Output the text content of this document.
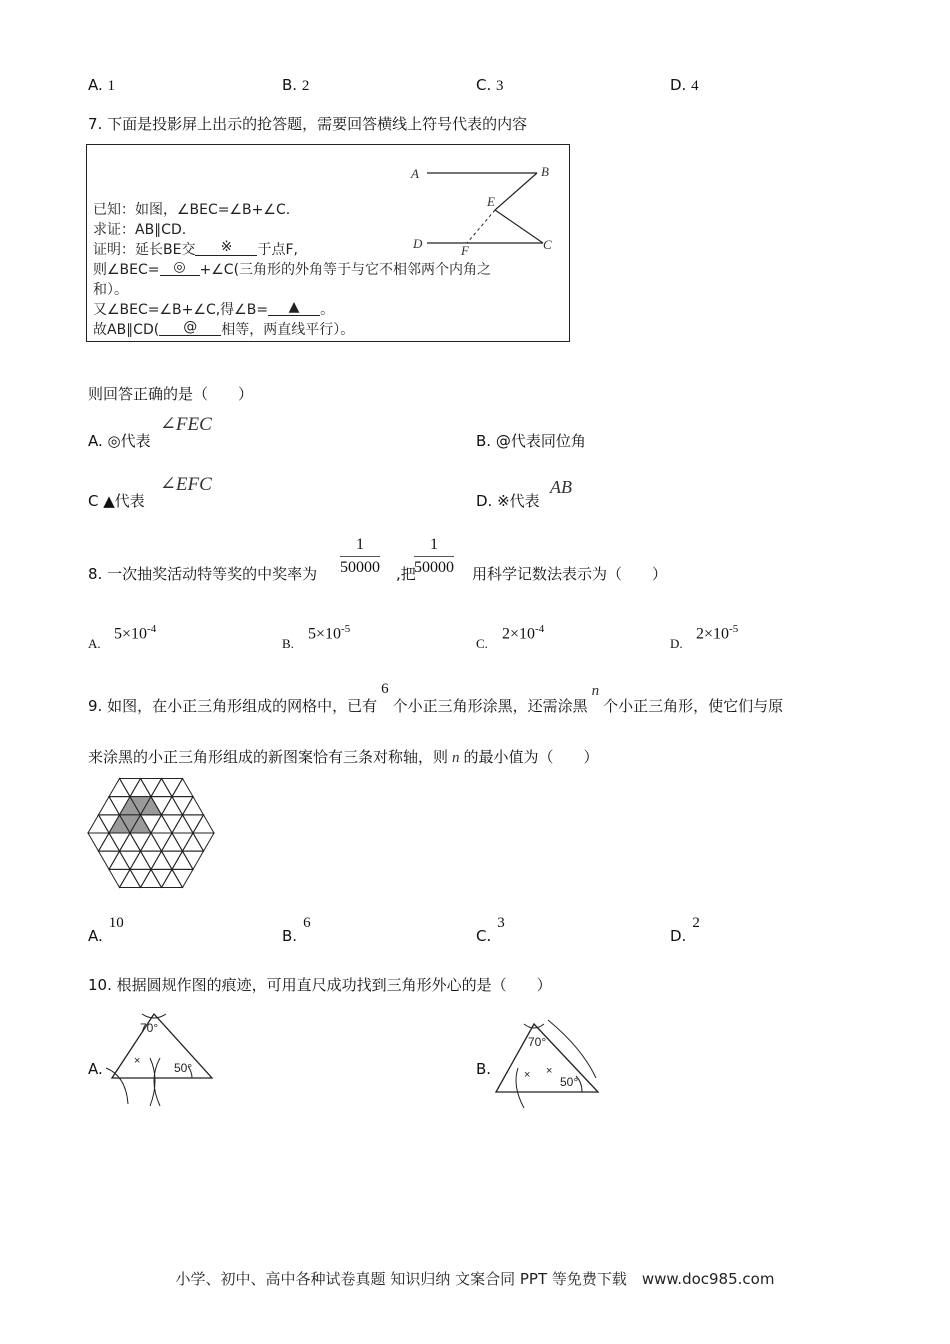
A. 1	B. 2	C. 3	D. 4
7. 下面是投影屏上出示的抢答题，需要回答横线上符号代表的内容
已知：如图，∠BEC=∠B+∠C.
求证：AB∥CD.
证明：延长BE交 ※ 于点F,
则∠BEC= ◎ +∠C(三角形的外角等于与它不相邻两个内角之
和）。
又∠BEC=∠B+∠C,得∠B= ▲ 。
故AB∥CD( @ 相等，两直线平行）。
A	B
E
D	F	C
则回答正确的是（　　）
A. ◎代表
∠FEC
B. @代表同位角
C ▲代表
∠EFC
D. ※代表
AB
8. 一次抽奖活动特等奖的中奖率为 $\frac{1}{50000}$ ,把
$\frac{1}{50000}$ 用科学记数法表示为（　　）
A.
$5\times 10^{-4}$
B.
$5\times 10^{-5}$
C.
$2\times 10^{-4}$
D.
$2\times 10^{-5}$
9. 如图，在小正三角形组成的网格中，已有6个小正三角形涂黑，还需涂黑n个小正三角形，使它们与原
来涂黑的小正三角形组成的新图案恰有三条对称轴，则 n 的最小值为（　　）
A.10
B.6
C.3
D.2
10. 根据圆规作图的痕迹，可用直尺成功找到三角形外心的是（　　）
A.
70°
50°
×	B.
70°
50°
× ×
小学、初中、高中各种试卷真题 知识归纳 文案合同 PPT 等免费下载　www.doc985.com
